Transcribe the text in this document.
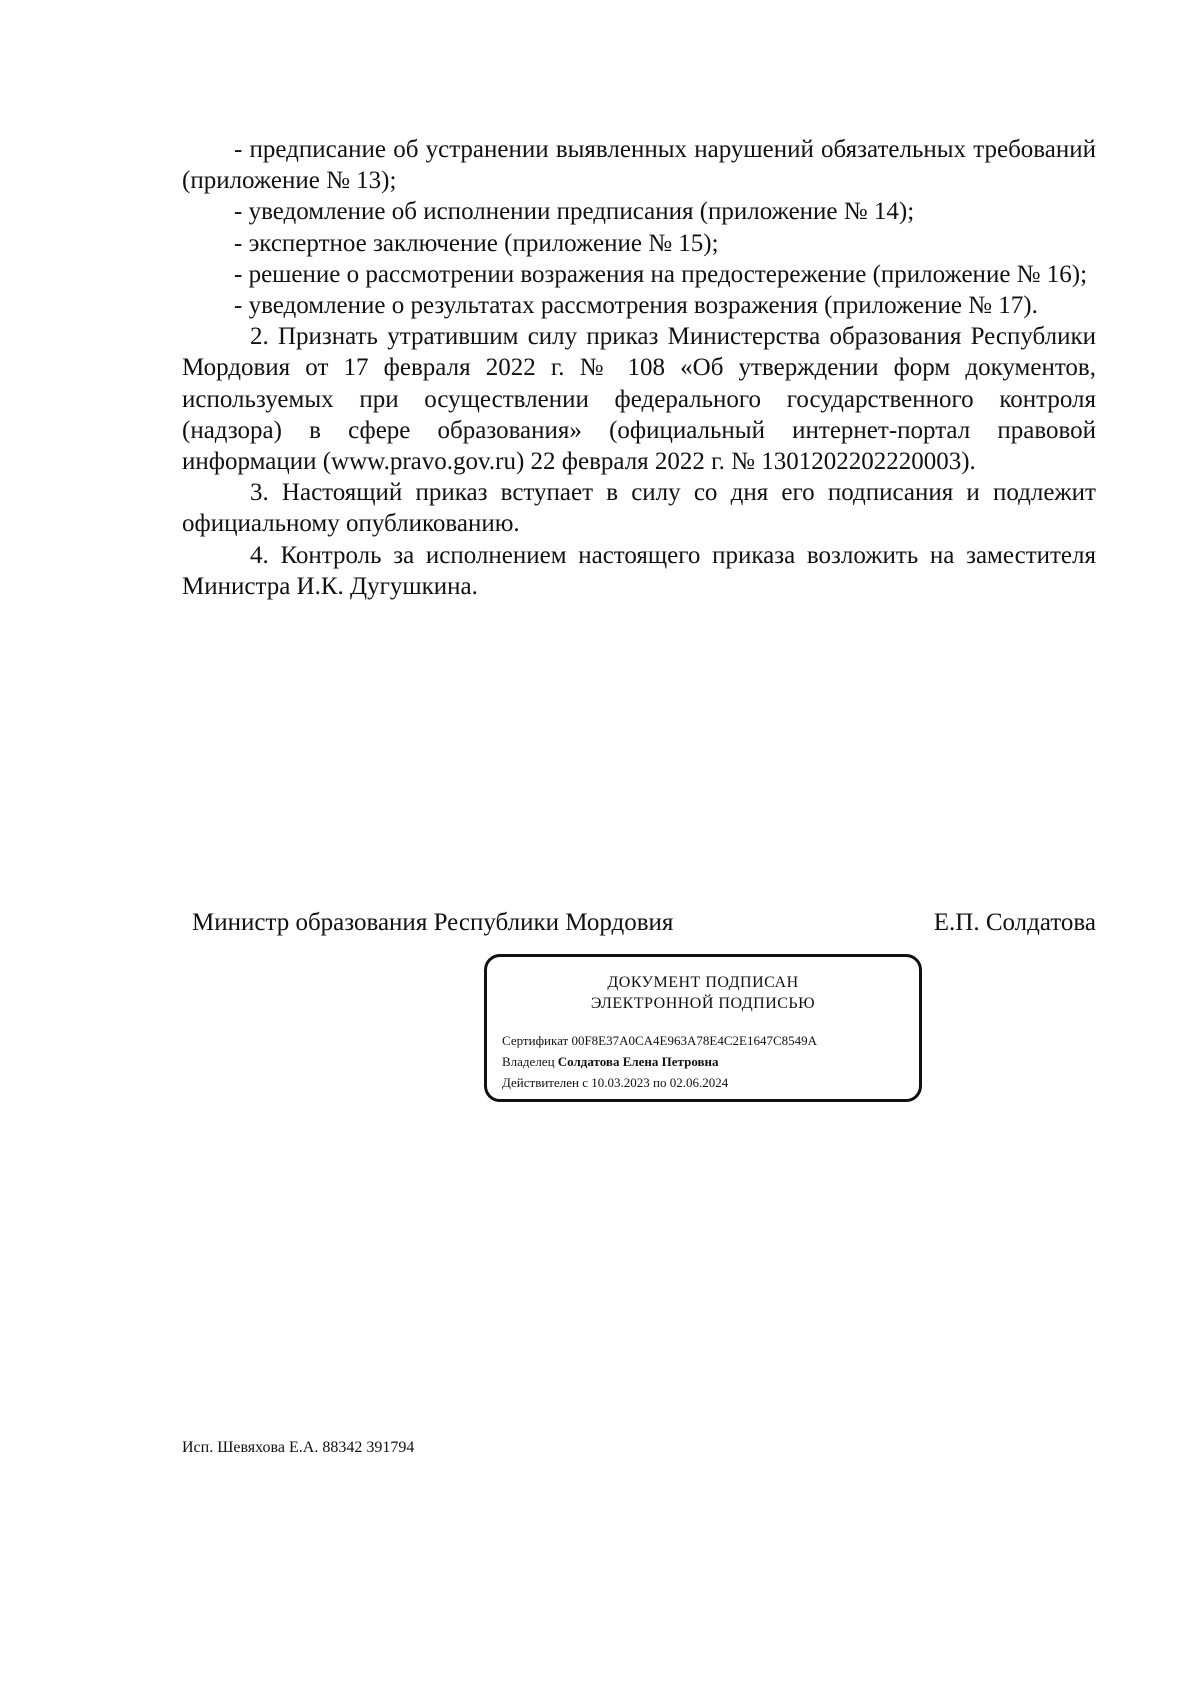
- предписание об устранении выявленных нарушений обязательных требований (приложение № 13);

- уведомление об исполнении предписания (приложение № 14);

- экспертное заключение (приложение № 15);

- решение о рассмотрении возражения на предостережение (приложение № 16);

- уведомление о результатах рассмотрения возражения (приложение № 17).

2. Признать утратившим силу приказ Министерства образования Республики Мордовия от 17 февраля 2022 г. № 108 «Об утверждении форм документов, используемых при осуществлении федерального государственного контроля (надзора) в сфере образования» (официальный интернет-портал правовой информации (www.pravo.gov.ru) 22 февраля 2022 г. № 1301202202220003).

3. Настоящий приказ вступает в силу со дня его подписания и подлежит официальному опубликованию.

4. Контроль за исполнением настоящего приказа возложить на заместителя Министра И.К. Дугушкина.

Министр образования Республики Мордовия	Е.П. Солдатова
ДОКУМЕНТ ПОДПИСАН
ЭЛЕКТРОННОЙ ПОДПИСЬЮ
Сертификат 00F8E37A0CA4E963A78E4C2E1647C8549A
Владелец Солдатова Елена Петровна
Действителен с 10.03.2023 по 02.06.2024
Исп. Шевяхова Е.А. 88342 391794
